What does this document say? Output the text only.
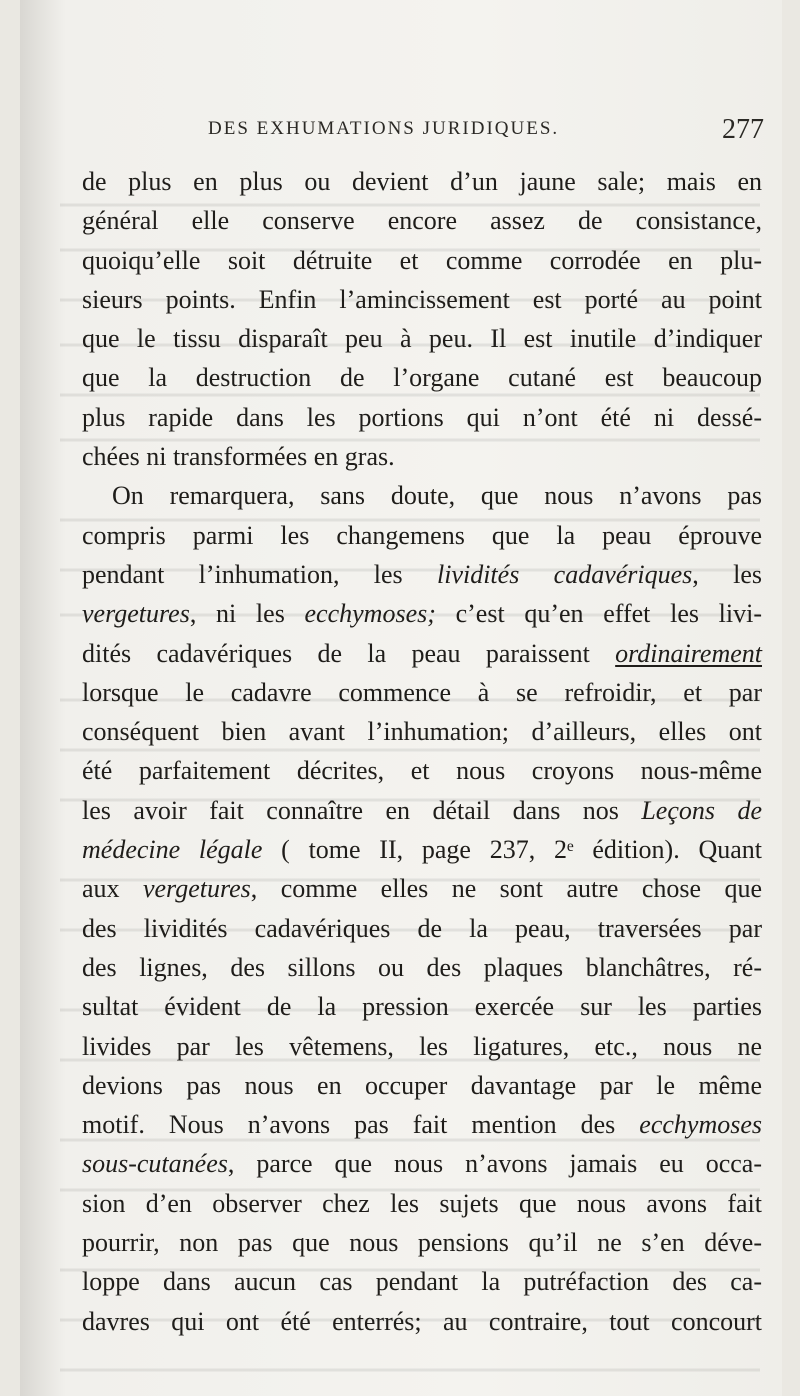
DES EXHUMATIONS JURIDIQUES.	277
de plus en plus ou devient d’un jaune sale; mais en
général elle conserve encore assez de consistance,
quoiqu’elle soit détruite et comme corrodée en plu-
sieurs points. Enfin l’amincissement est porté au point
que le tissu disparaît peu à peu. Il est inutile d’indiquer
que la destruction de l’organe cutané est beaucoup
plus rapide dans les portions qui n’ont été ni dessé-
chées ni transformées en gras.
On remarquera, sans doute, que nous n’avons pas
compris parmi les changemens que la peau éprouve
pendant l’inhumation, les lividités cadavériques, les
vergetures, ni les ecchymoses; c’est qu’en effet les livi-
dités cadavériques de la peau paraissent ordinairement
lorsque le cadavre commence à se refroidir, et par
conséquent bien avant l’inhumation; d’ailleurs, elles ont
été parfaitement décrites, et nous croyons nous-même
les avoir fait connaître en détail dans nos Leçons de
médecine légale ( tome II, page 237, 2ᵉ édition). Quant
aux vergetures, comme elles ne sont autre chose que
des lividités cadavériques de la peau, traversées par
des lignes, des sillons ou des plaques blanchâtres, ré-
sultat évident de la pression exercée sur les parties
livides par les vêtemens, les ligatures, etc., nous ne
devions pas nous en occuper davantage par le même
motif. Nous n’avons pas fait mention des ecchymoses
sous-cutanées, parce que nous n’avons jamais eu occa-
sion d’en observer chez les sujets que nous avons fait
pourrir, non pas que nous pensions qu’il ne s’en déve-
loppe dans aucun cas pendant la putréfaction des ca-
davres qui ont été enterrés; au contraire, tout concourt
